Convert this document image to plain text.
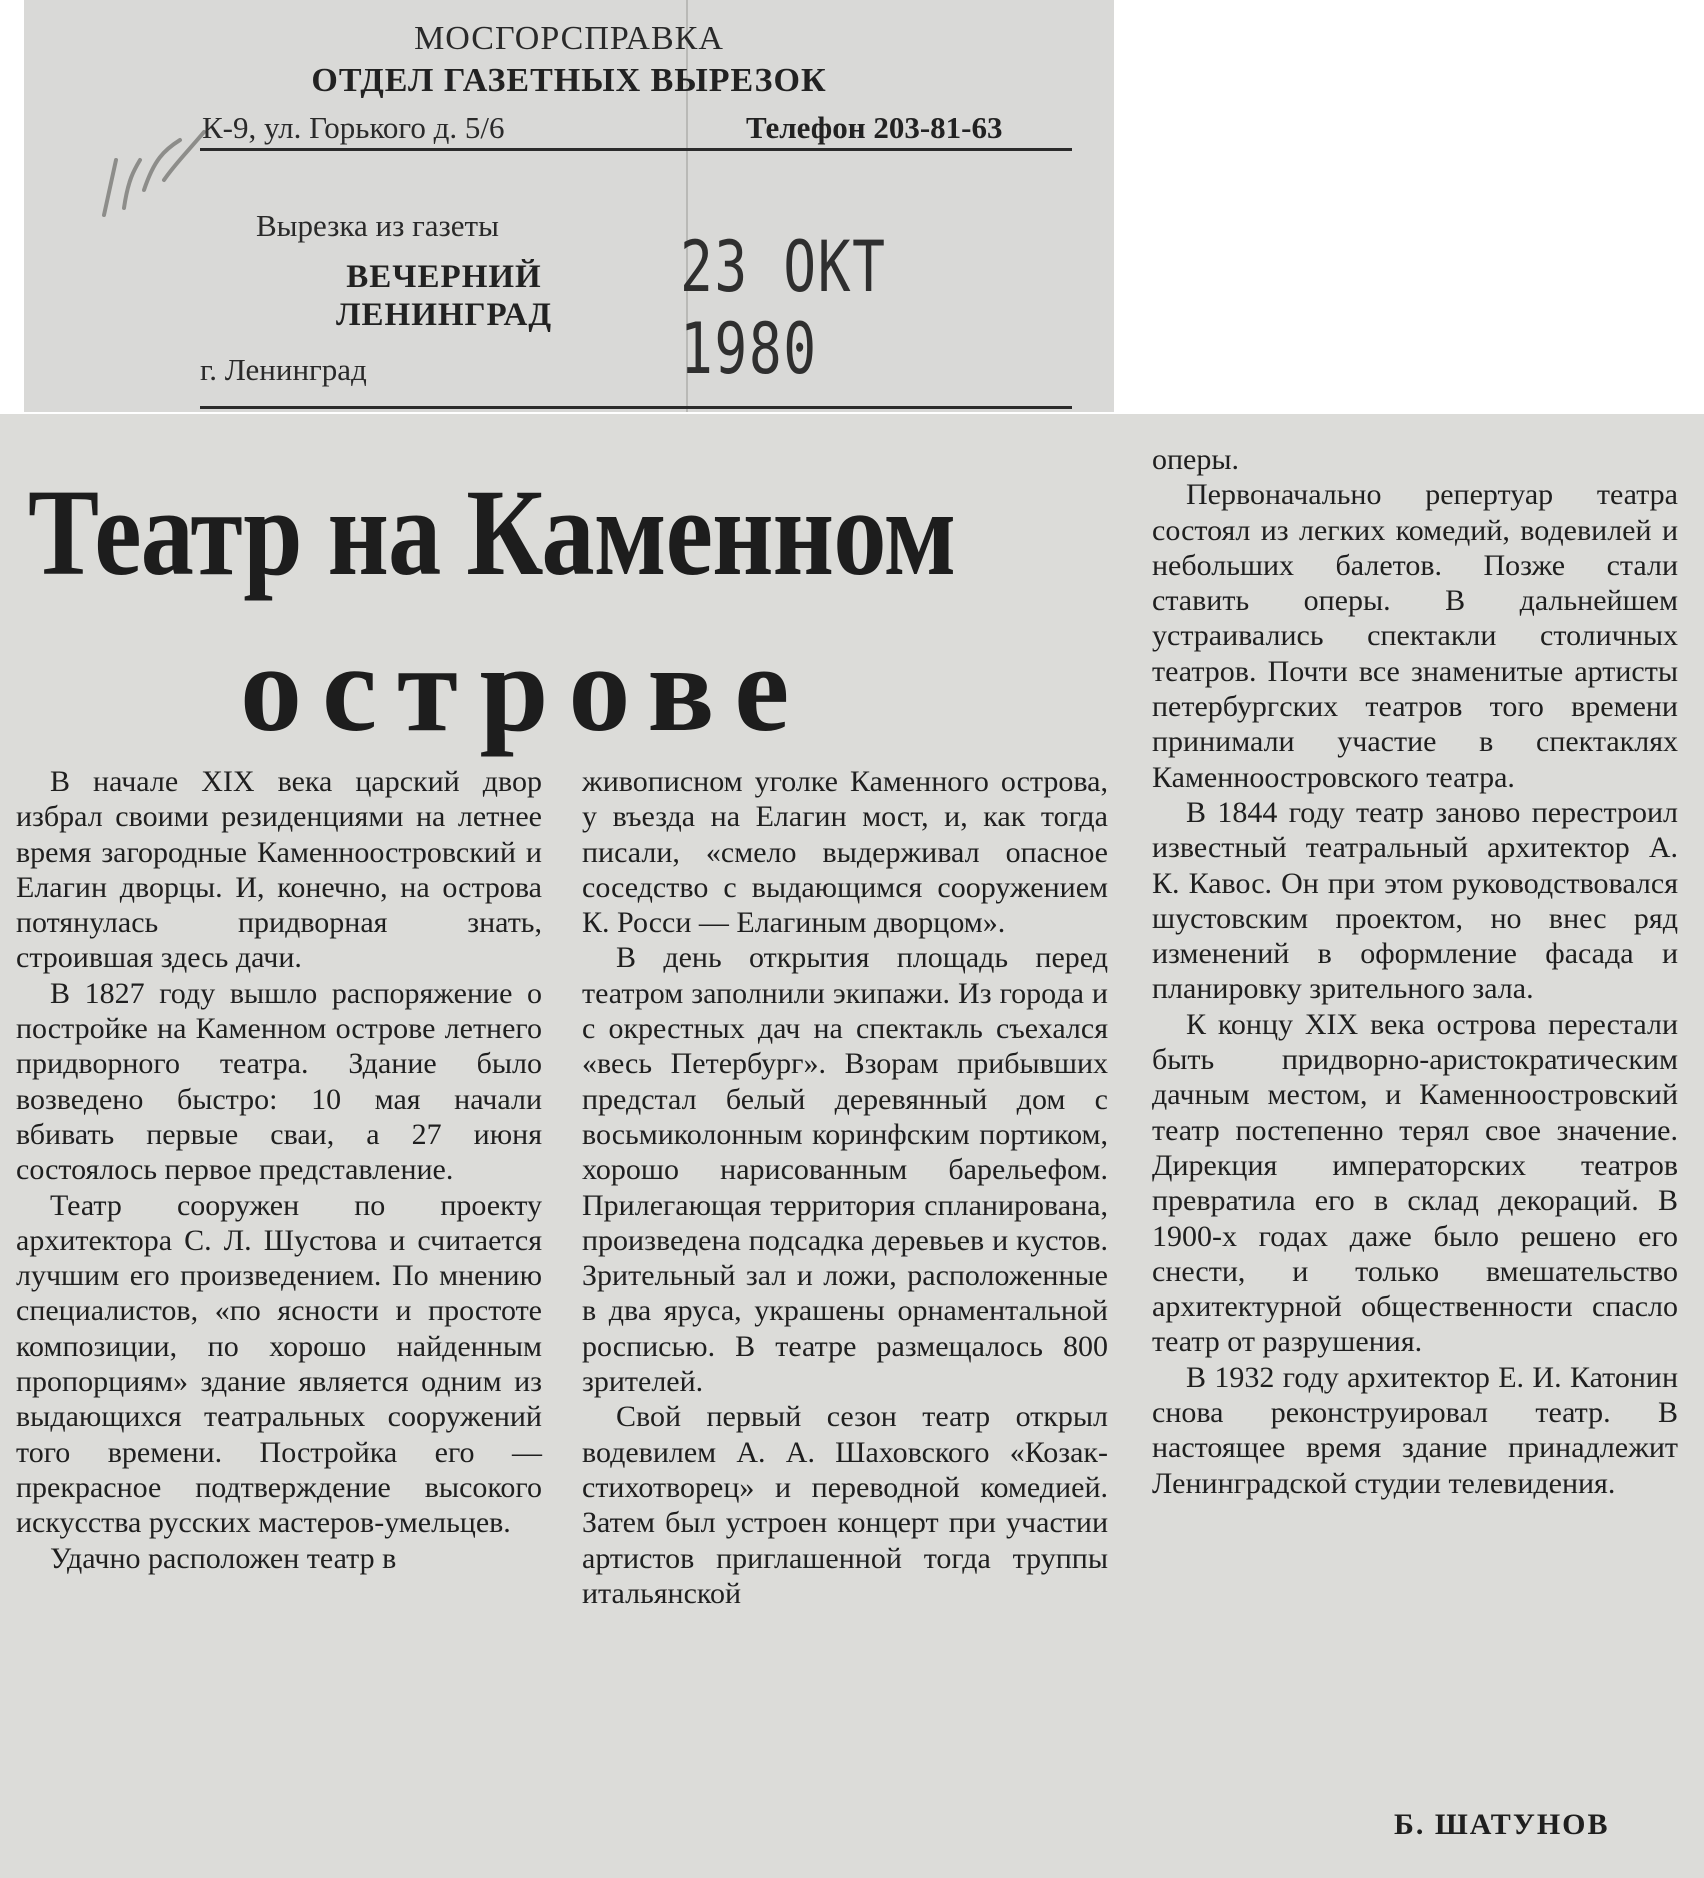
МОСГОРСПРАВКА
ОТДЕЛ ГАЗЕТНЫХ ВЫРЕЗОК
К-9, ул. Горького д. 5/6	Телефон 203-81-63
Вырезка из газеты
ВЕЧЕРНИЙ
ЛЕНИНГРАД
г. Ленинград
23 ОКТ 1980
Театр на Каменном
острове

В начале XIX века царский двор избрал своими резиденциями на летнее время загородные Каменноостровский и Елагин дворцы. И, конечно, на острова потянулась придворная знать, строившая здесь дачи.

В 1827 году вышло распоряжение о постройке на Каменном острове летнего придворного театра. Здание было возведено быстро: 10 мая начали вбивать первые сваи, а 27 июня состоялось первое представление.

Театр сооружен по проекту архитектора С. Л. Шустова и считается лучшим его произведением. По мнению специалистов, «по ясности и простоте композиции, по хорошо найденным пропорциям» здание является одним из выдающихся театральных сооружений того времени. Постройка его — прекрасное подтверждение высокого искусства русских мастеров-умельцев.

Удачно расположен театр в

живописном уголке Каменного острова, у въезда на Елагин мост, и, как тогда писали, «смело выдерживал опасное соседство с выдающимся сооружением К. Росси — Елагиным дворцом».

В день открытия площадь перед театром заполнили экипажи. Из города и с окрестных дач на спектакль съехался «весь Петербург». Взорам прибывших предстал белый деревянный дом с восьмиколонным коринфским портиком, хорошо нарисованным барельефом. Прилегающая территория спланирована, произведена подсадка деревьев и кустов. Зрительный зал и ложи, расположенные в два яруса, украшены орнаментальной росписью. В театре размещалось 800 зрителей.

Свой первый сезон театр открыл водевилем А. А. Шаховского «Козак-стихотворец» и переводной комедией. Затем был устроен концерт при участии артистов приглашенной тогда труппы итальянской

оперы.

Первоначально репертуар театра состоял из легких комедий, водевилей и небольших балетов. Позже стали ставить оперы. В дальнейшем устраивались спектакли столичных театров. Почти все знаменитые артисты петербургских театров того времени принимали участие в спектаклях Каменноостровского театра.

В 1844 году театр заново перестроил известный театральный архитектор А. К. Кавос. Он при этом руководствовался шустовским проектом, но внес ряд изменений в оформление фасада и планировку зрительного зала.

К концу XIX века острова перестали быть придворно-аристократическим дачным местом, и Каменноостровский театр постепенно терял свое значение. Дирекция императорских театров превратила его в склад декораций. В 1900-х годах даже было решено его снести, и только вмешательство архитектурной общественности спасло театр от разрушения.

В 1932 году архитектор Е. И. Катонин снова реконструировал театр. В настоящее время здание принадлежит Ленинградской студии телевидения.

Б. ШАТУНОВ
